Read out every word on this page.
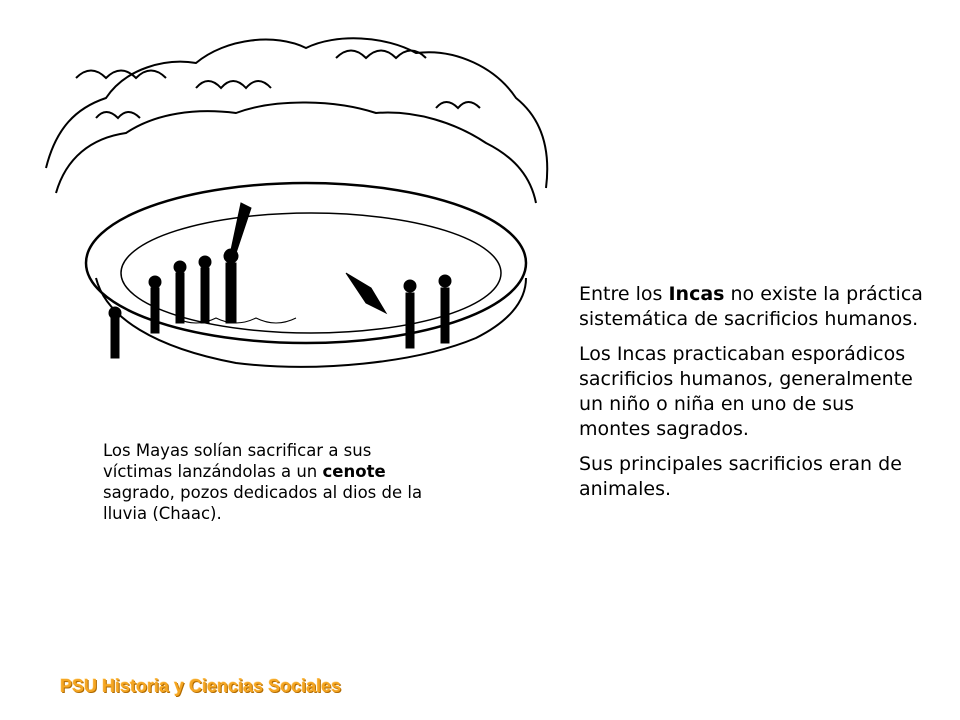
Los Mayas solían sacrificar a sus víctimas lanzándolas a un cenote sagrado, pozos dedicados al dios de la lluvia (Chaac).

Entre los Incas no existe la práctica sistemática de sacrificios humanos.

Los Incas practicaban esporádicos sacrificios humanos, generalmente un niño o niña en uno de sus montes sagrados.

Sus principales sacrificios eran de animales.

PSU Historia y Ciencias Sociales
